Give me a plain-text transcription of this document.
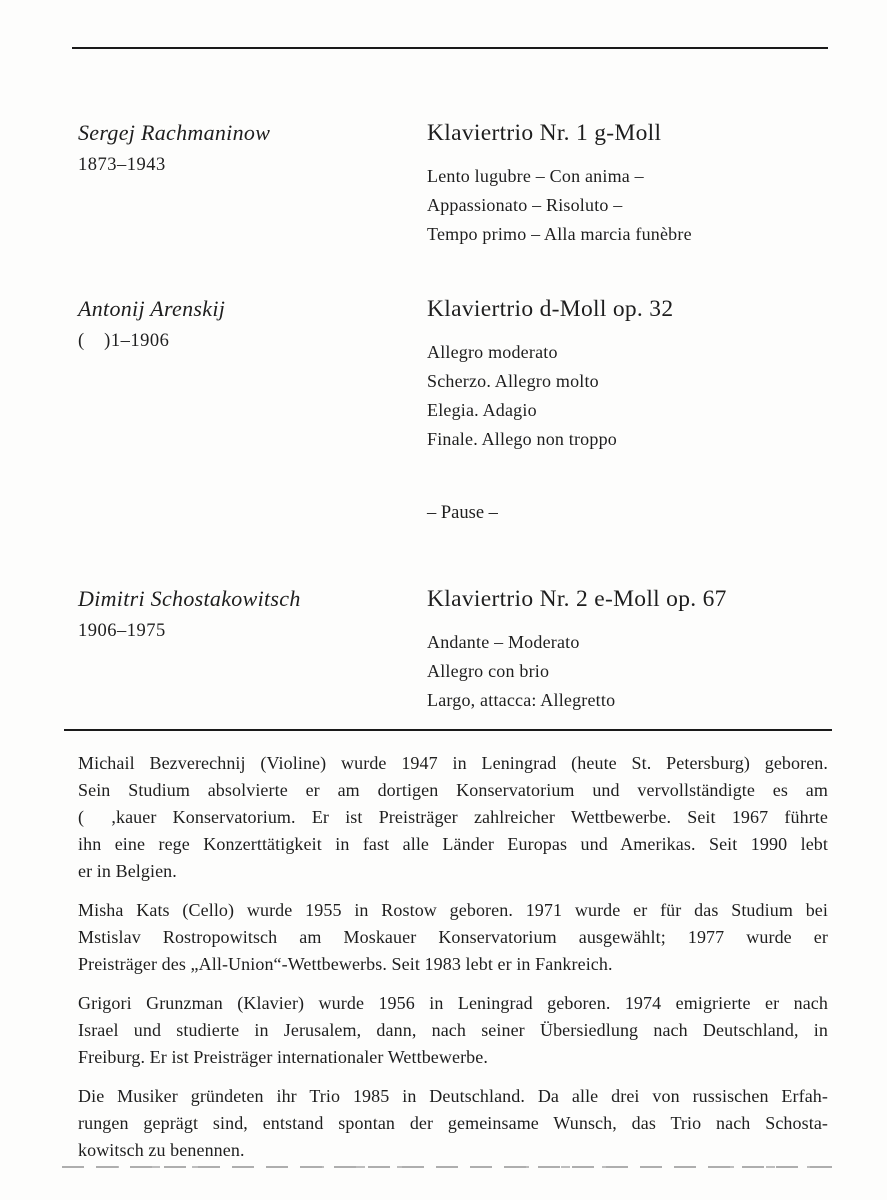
Sergej Rachmaninow
1873–1943
Klaviertrio Nr. 1 g-Moll
Lento lugubre – Con anima –
Appassionato – Risoluto –
Tempo primo – Alla marcia funèbre
Antonij Arenskij
(  )1–1906
Klaviertrio d-Moll op. 32
Allegro moderato
Scherzo. Allegro molto
Elegia. Adagio
Finale. Allego non troppo
– Pause –
Dimitri Schostakowitsch
1906–1975
Klaviertrio Nr. 2 e-Moll op. 67
Andante – Moderato
Allegro con brio
Largo, attacca: Allegretto

Michail Bezverechnij (Violine) wurde 1947 in Leningrad (heute St. Petersburg) geboren.
Sein Studium absolvierte er am dortigen Konservatorium und vervollständigte es am
(   ,kauer Konservatorium. Er ist Preisträger zahlreicher Wettbewerbe. Seit 1967 führte
ihn eine rege Konzerttätigkeit in fast alle Länder Europas und Amerikas. Seit 1990 lebt
er in Belgien.

Misha Kats (Cello) wurde 1955 in Rostow geboren. 1971 wurde er für das Studium bei
Mstislav Rostropowitsch am Moskauer Konservatorium ausgewählt; 1977 wurde er
Preisträger des „All-Union“-Wettbewerbs. Seit 1983 lebt er in Fankreich.

Grigori Grunzman (Klavier) wurde 1956 in Leningrad geboren. 1974 emigrierte er nach
Israel und studierte in Jerusalem, dann, nach seiner Übersiedlung nach Deutschland, in
Freiburg. Er ist Preisträger internationaler Wettbewerbe.

Die Musiker gründeten ihr Trio 1985 in Deutschland. Da alle drei von russischen Erfah-
rungen geprägt sind, entstand spontan der gemeinsame Wunsch, das Trio nach Schosta-
kowitsch zu benennen.
